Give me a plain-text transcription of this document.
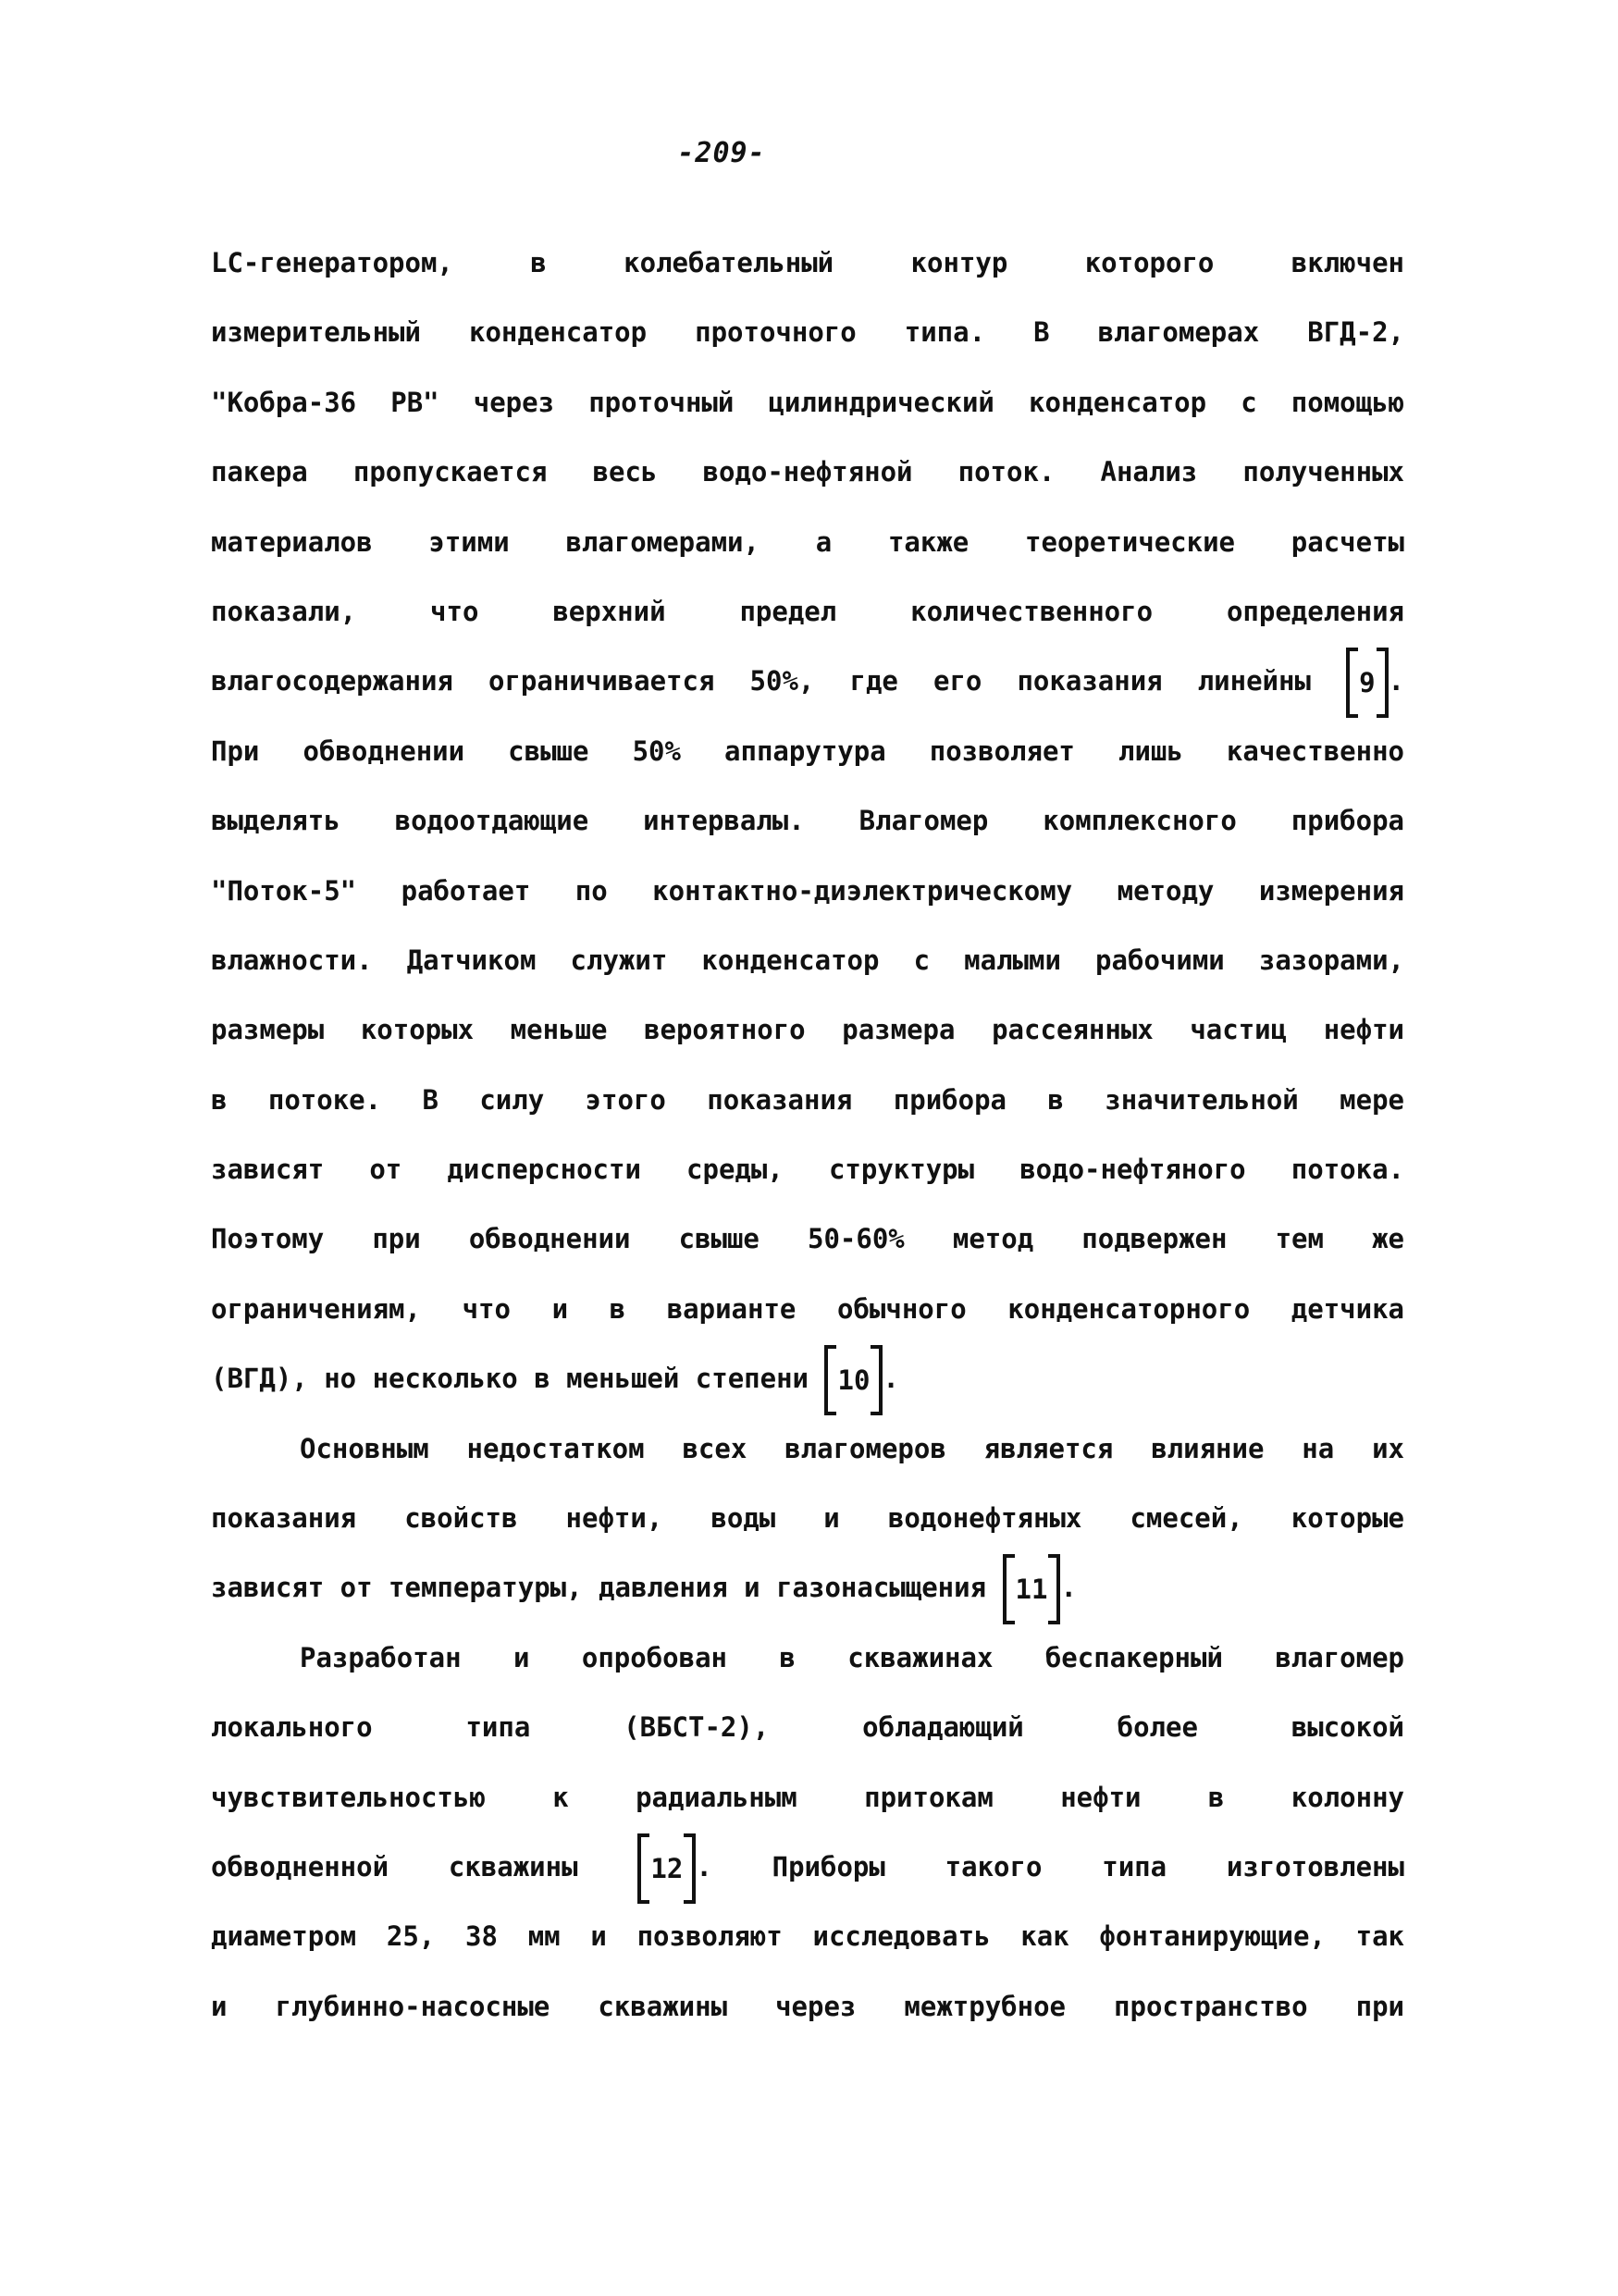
-209-
LC-генератором, в колебательный контур которого включен
измерительный конденсатор проточного типа. В влагомерах ВГД-2,
"Кобра-36 РВ" через проточный цилиндрический конденсатор с помощью
пакера пропускается весь водо-нефтяной поток. Анализ полученных
материалов этими влагомерами, а также теоретические расчеты
показали, что верхний предел количественного определения
влагосодержания ограничивается 50%, где его показания линейны 9 .
При обводнении свыше 50% аппарутура позволяет лишь качественно
выделять водоотдающие интервалы. Влагомер комплексного прибора
"Поток-5" работает по контактно-диэлектрическому методу измерения
влажности. Датчиком служит конденсатор с малыми рабочими зазорами,
размеры которых меньше вероятного размера рассеянных частиц нефти
в потоке. В силу этого показания прибора в значительной мере
зависят от дисперсности среды, структуры водо-нефтяного потока.
Поэтому при обводнении свыше 50-60% метод подвержен тем же
ограничениям, что и в варианте обычного конденсаторного детчика
(ВГД), но несколько в меньшей степени 10 .
Основным недостатком всех влагомеров является влияние на их
показания свойств нефти, воды и водонефтяных смесей, которые
зависят от температуры, давления и газонасыщения 11 .
Разработан и опробован в скважинах беспакерный влагомер
локального типа (ВБСТ-2), обладающий более высокой
чувствительностью к радиальным притокам нефти в колонну
обводненной скважины	12 . Приборы такого типа изготовлены
диаметром 25, 38 мм и позволяют исследовать как фонтанирующие, так
и глубинно-насосные скважины через межтрубное пространство при
